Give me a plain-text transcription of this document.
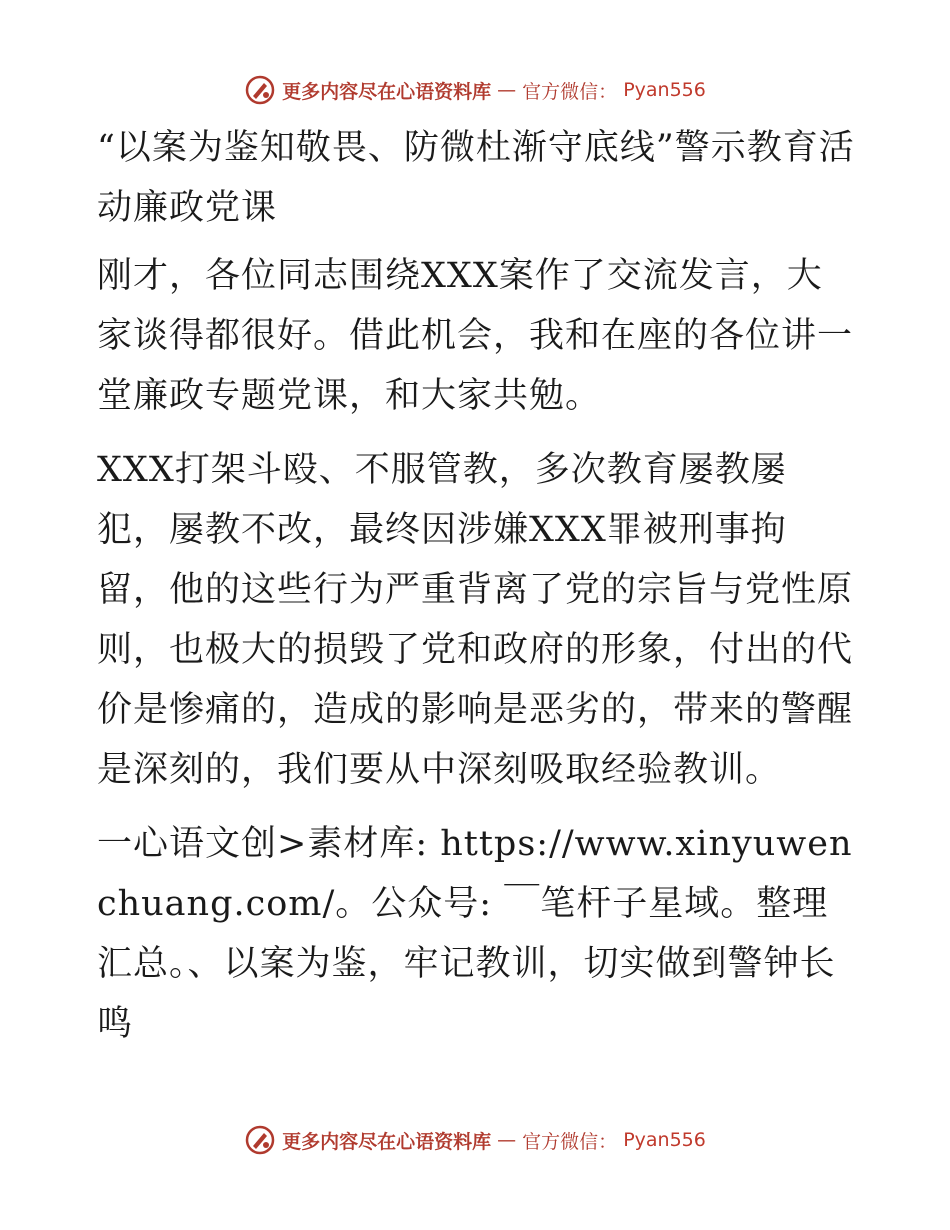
更多内容尽在心语资料库 — 官方微信： Pyan556

“以案为鉴知敬畏、防微杜渐守底线”警示教育活动廉政党课

刚才，各位同志围绕XXX案作了交流发言，大家谈得都很好。借此机会，我和在座的各位讲一堂廉政专题党课，和大家共勉。

XXX打架斗殴、不服管教，多次教育屡教屡犯，屡教不改，最终因涉嫌XXX罪被刑事拘留，他的这些行为严重背离了党的宗旨与党性原则，也极大的损毁了党和政府的形象，付出的代价是惨痛的，造成的影响是恶劣的，带来的警醒是深刻的，我们要从中深刻吸取经验教训。

一心语文创>素材库: https://www.xinyuwenchuang.com/。公众号: ￣笔杆子星域。整理汇总。、以案为鉴，牢记教训，切实做到警钟长鸣

更多内容尽在心语资料库 — 官方微信： Pyan556
